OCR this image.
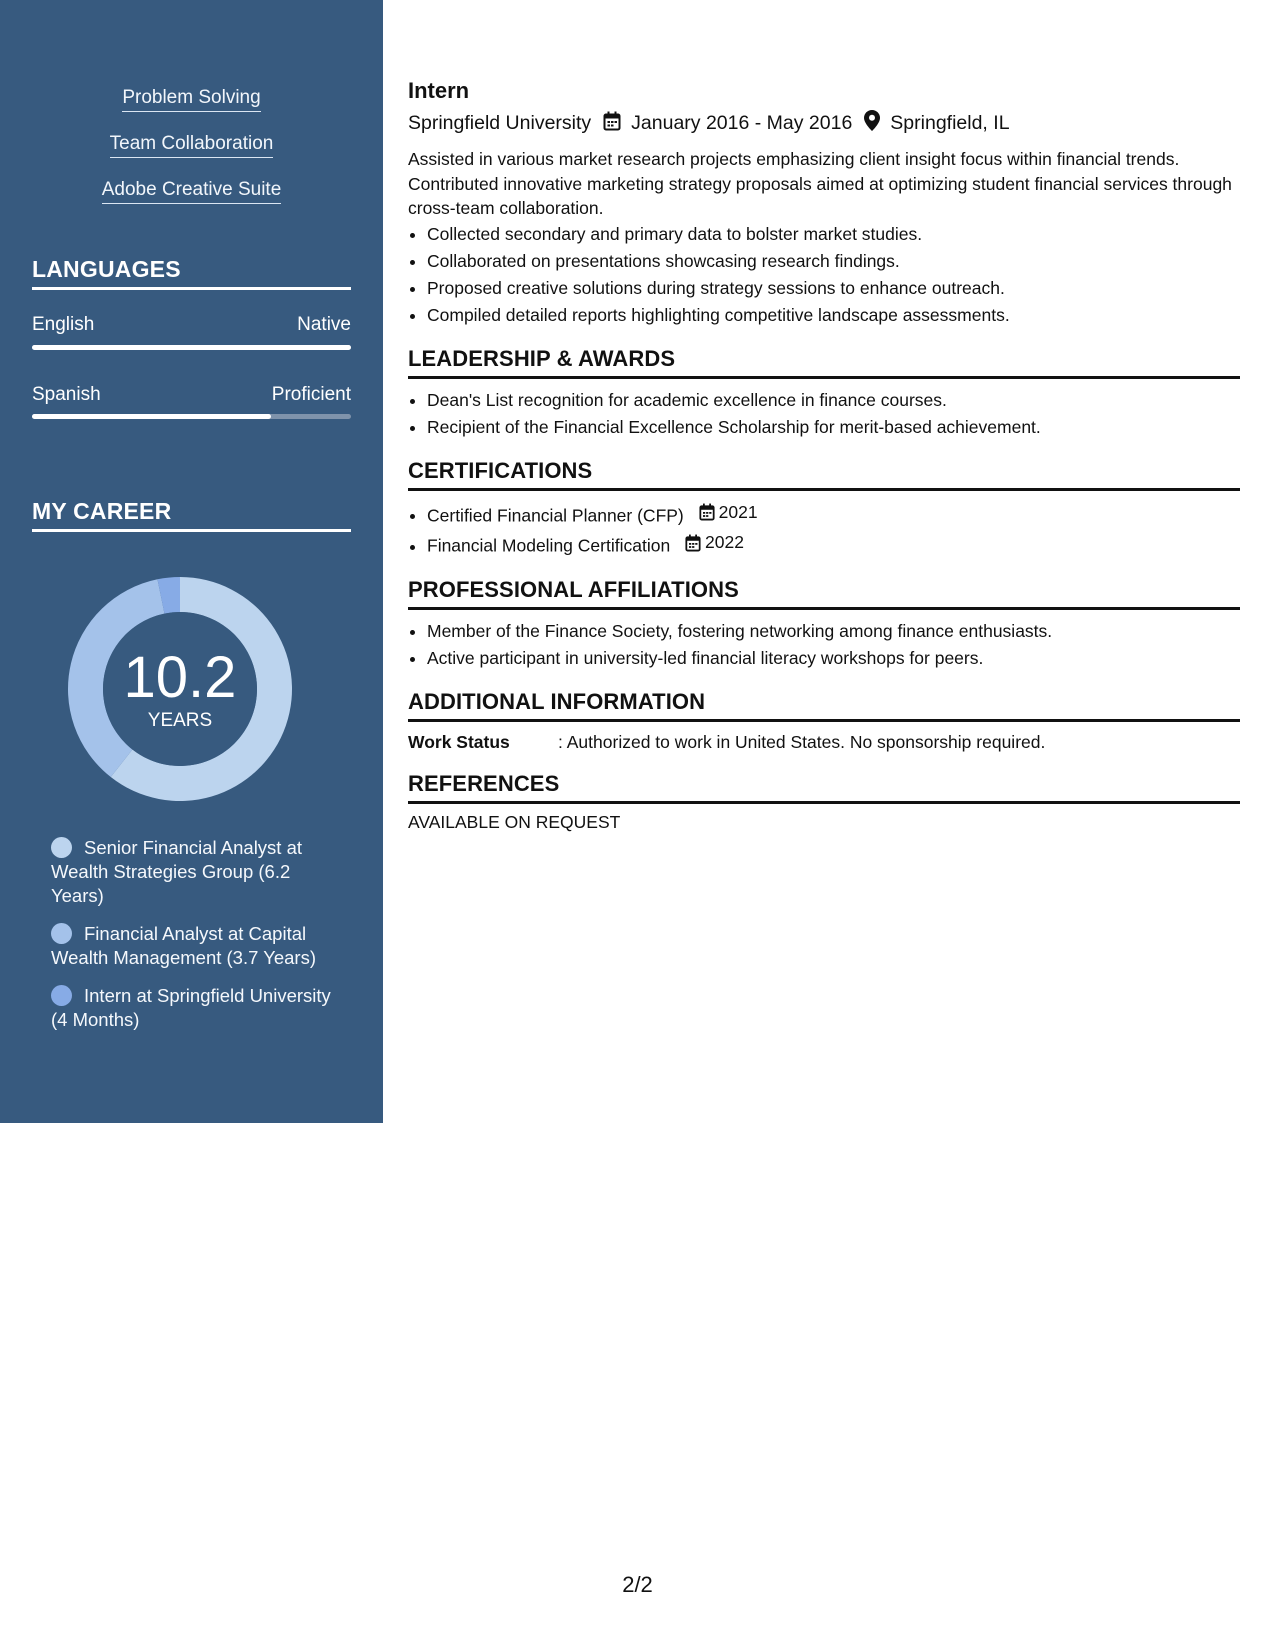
Problem Solving
Team Collaboration
Adobe Creative Suite
LANGUAGES
English	Native
Spanish	Proficient
MY CAREER
10.2
YEARS
Senior Financial Analyst at Wealth Strategies Group (6.2 Years)
Financial Analyst at Capital Wealth Management (3.7 Years)
Intern at Springfield University (4 Months)
Intern
Springfield University January 2016 - May 2016 Springfield, IL

Assisted in various market research projects emphasizing client insight focus within financial trends. Contributed innovative marketing strategy proposals aimed at optimizing student financial services through cross-team collaboration.

• Collected secondary and primary data to bolster market studies.
• Collaborated on presentations showcasing research findings.
• Proposed creative solutions during strategy sessions to enhance outreach.
• Compiled detailed reports highlighting competitive landscape assessments.
LEADERSHIP & AWARDS
• Dean's List recognition for academic excellence in finance courses.
• Recipient of the Financial Excellence Scholarship for merit-based achievement.
CERTIFICATIONS
• Certified Financial Planner (CFP) 2021
• Financial Modeling Certification 2022
PROFESSIONAL AFFILIATIONS
• Member of the Finance Society, fostering networking among finance enthusiasts.
• Active participant in university-led financial literacy workshops for peers.
ADDITIONAL INFORMATION
Work Status	: Authorized to work in United States. No sponsorship required.
REFERENCES
AVAILABLE ON REQUEST
2/2
